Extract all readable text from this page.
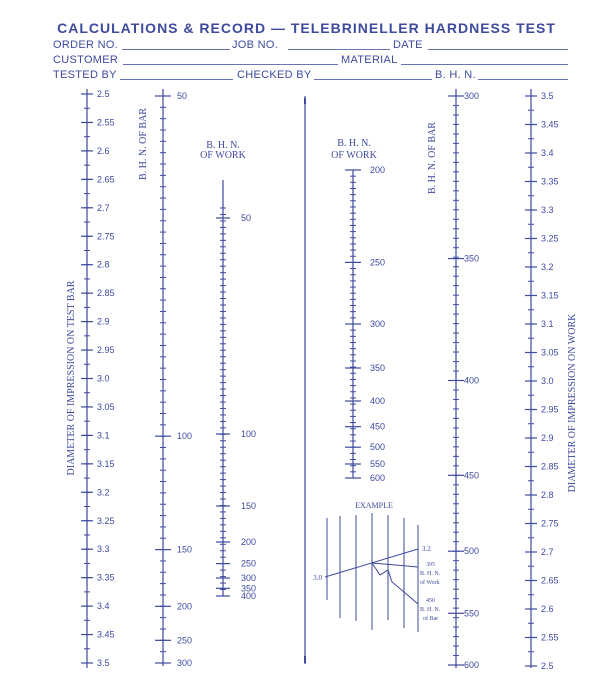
CALCULATIONS & RECORD — TELEBRINELLER HARDNESS TEST
ORDER NO.	JOB NO.	DATE
CUSTOMER	MATERIAL
TESTED BY	CHECKED BY	B. H. N.
2.5
2.55
2.6
2.65
2.7
2.75
2.8
2.85
2.9
2.95
3.0
3.05
3.1
3.15
3.2
3.25
3.3
3.35
3.4
3.45
3.5
DIAMETER OF IMPRESSION ON TEST BAR
50
100
150
200
250
300
B. H. N. OF BAR
50
100
150
200
250
300
350
400
B. H. N.
OF WORK
200
250
300
350
400
450
500
550
600
B. H. N.
OF WORK
300
350
400
450
500
550
600
B. H. N. OF BAR
3.5
3.45
3.4
3.35
3.3
3.25
3.2
3.15
3.1
3.05
3.0
2.95
2.9
2.85
2.8
2.75
2.7
2.65
2.6
2.55
2.5
DIAMETER OF IMPRESSION ON WORK
EXAMPLE
3.0
3.2
395
B. H. N.
of Work
450
B. H. N.
of Bar
